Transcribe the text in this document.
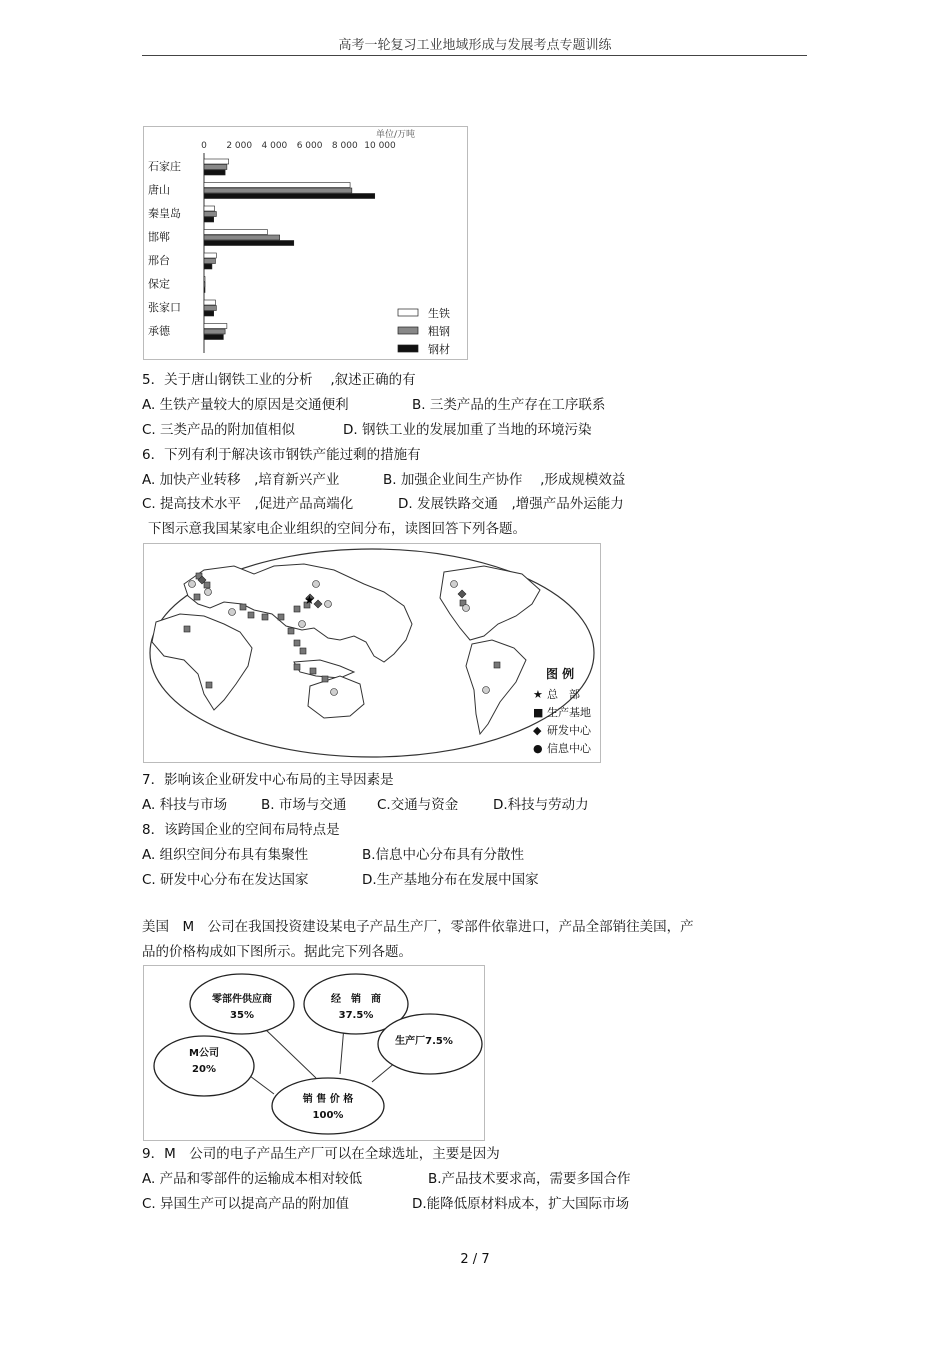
高考一轮复习工业地域形成与发展考点专题训练
单位/万吨
0 2 000 4 000 6 000 8 000 10 000
石家庄
唐山
秦皇岛
邯郸
邢台
保定
张家口
承德
生铁
粗钢
钢材
5．关于唐山钢铁工业的分析　 ,叙述正确的有
A. 生铁产量较大的原因是交通便利	B. 三类产品的生产存在工序联系
C. 三类产品的附加值相似	D. 钢铁工业的发展加重了当地的环境污染
6．下列有利于解决该市钢铁产能过剩的措施有
A. 加快产业转移　,培育新兴产业	B. 加强企业间生产协作　 ,形成规模效益
C. 提高技术水平　,促进产品高端化	D. 发展铁路交通　,增强产品外运能力
下图示意我国某家电企业组织的空间分布，读图回答下列各题。
★
图 例
★ 总　部
■ 生产基地
◆ 研发中心
● 信息中心
7．影响该企业研发中心布局的主导因素是
A. 科技与市场	B. 市场与交通 C.交通与资金	D.科技与劳动力
8．该跨国企业的空间布局特点是
A. 组织空间分布具有集聚性	B.信息中心分布具有分散性
C. 研发中心分布在发达国家	D.生产基地分布在发展中国家
美国　M　公司在我国投资建设某电子产品生产厂，零部件依靠进口，产品全部销往美国，产
品的价格构成如下图所示。据此完下列各题。
零部件供应商
35%
经　销　商
37.5%
生产厂7.5%
M公司
20%
销 售 价 格
100%
9．M　公司的电子产品生产厂可以在全球选址，主要是因为
A. 产品和零部件的运输成本相对较低	B.产品技术要求高，需要多国合作
C. 异国生产可以提高产品的附加值	D.能降低原材料成本，扩大国际市场
2 / 7
